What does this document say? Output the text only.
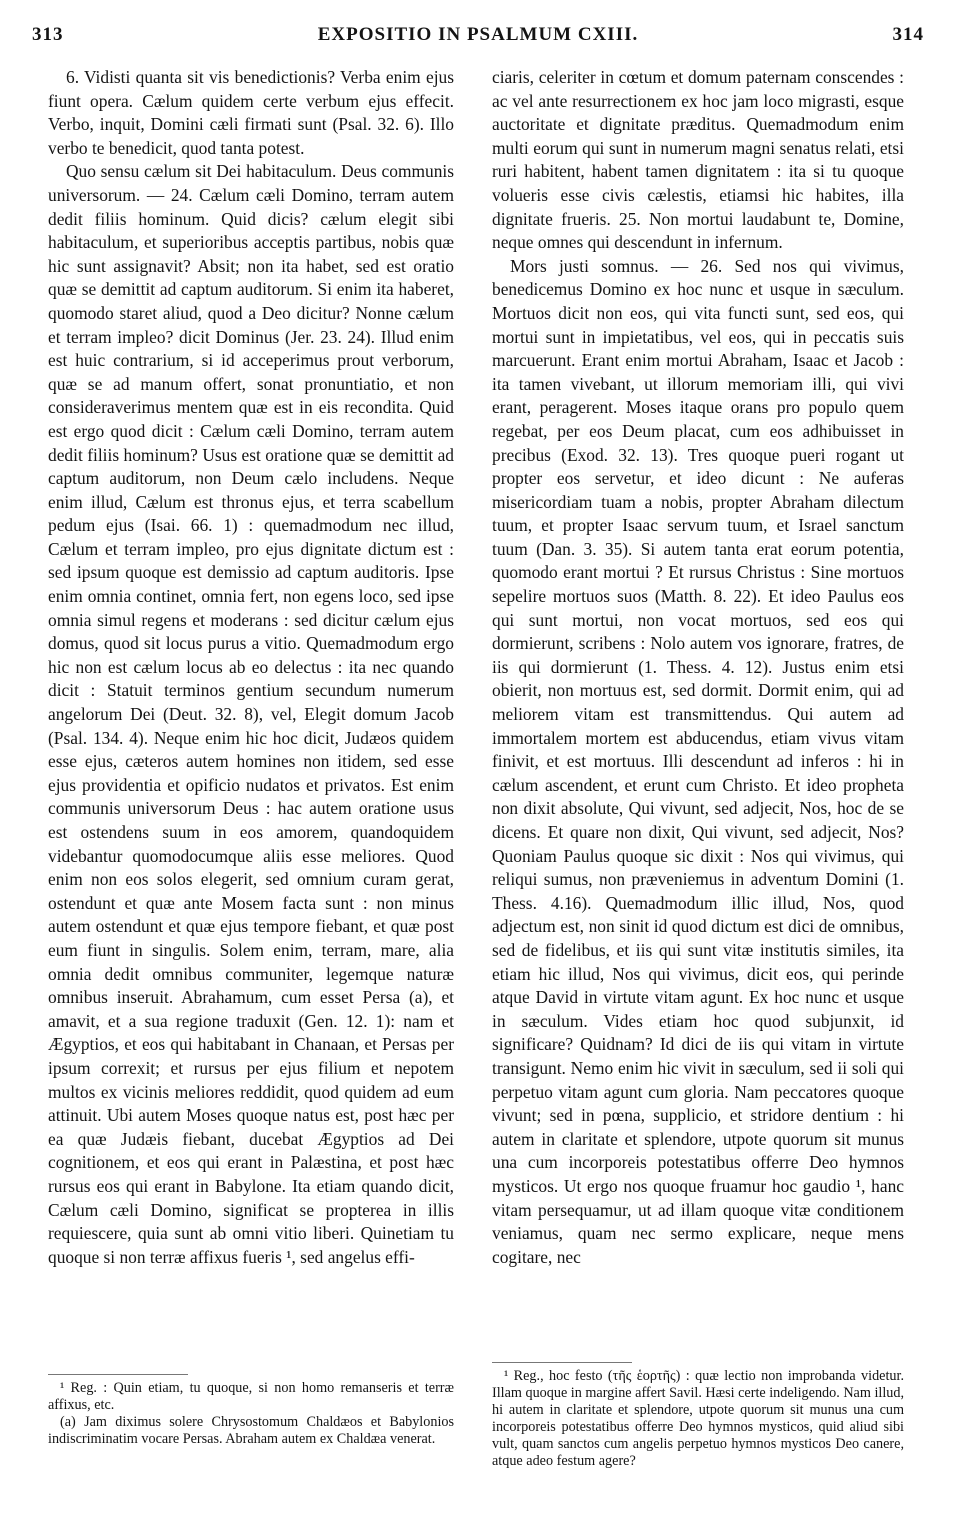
313	EXPOSITIO IN PSALMUM CXIII.	314

6. Vidisti quanta sit vis benedictionis? Verba enim ejus fiunt opera. Cælum quidem certe verbum ejus effecit. Verbo, inquit, Domini cæli firmati sunt (Psal. 32. 6). Illo verbo te benedicit, quod tanta potest.

Quo sensu cælum sit Dei habitaculum. Deus communis universorum. — 24. Cælum cæli Domino, terram autem dedit filiis hominum. Quid dicis? cælum elegit sibi habitaculum, et superioribus acceptis partibus, nobis quæ hic sunt assignavit? Absit; non ita habet, sed est oratio quæ se demittit ad captum auditorum. Si enim ita haberet, quomodo staret aliud, quod a Deo dicitur? Nonne cælum et terram impleo? dicit Dominus (Jer. 23. 24). Illud enim est huic contrarium, si id acceperimus prout verborum, quæ se ad manum offert, sonat pronuntiatio, et non consideraverimus mentem quæ est in eis recondita. Quid est ergo quod dicit : Cælum cæli Domino, terram autem dedit filiis hominum? Usus est oratione quæ se demittit ad captum auditorum, non Deum cælo includens. Neque enim illud, Cælum est thronus ejus, et terra scabellum pedum ejus (Isai. 66. 1) : quemadmodum nec illud, Cælum et terram impleo, pro ejus dignitate dictum est : sed ipsum quoque est demissio ad captum auditoris. Ipse enim omnia continet, omnia fert, non egens loco, sed ipse omnia simul regens et moderans : sed dicitur cælum ejus domus, quod sit locus purus a vitio. Quemadmodum ergo hic non est cælum locus ab eo delectus : ita nec quando dicit : Statuit terminos gentium secundum numerum angelorum Dei (Deut. 32. 8), vel, Elegit domum Jacob (Psal. 134. 4). Neque enim hic hoc dicit, Judæos quidem esse ejus, cæteros autem homines non itidem, sed esse ejus providentia et opificio nudatos et privatos. Est enim communis universorum Deus : hac autem oratione usus est ostendens suum in eos amorem, quandoquidem videbantur quomodocumque aliis esse meliores. Quod enim non eos solos elegerit, sed omnium curam gerat, ostendunt et quæ ante Mosem facta sunt : non minus autem ostendunt et quæ ejus tempore fiebant, et quæ post eum fiunt in singulis. Solem enim, terram, mare, alia omnia dedit omnibus communiter, legemque naturæ omnibus inseruit. Abrahamum, cum esset Persa (a), et amavit, et a sua regione traduxit (Gen. 12. 1): nam et Ægyptios, et eos qui habitabant in Chanaan, et Persas per ipsum correxit; et rursus per ejus filium et nepotem multos ex vicinis meliores reddidit, quod quidem ad eum attinuit. Ubi autem Moses quoque natus est, post hæc per ea quæ Judæis fiebant, ducebat Ægyptios ad Dei cognitionem, et eos qui erant in Palæstina, et post hæc rursus eos qui erant in Babylone. Ita etiam quando dicit, Cælum cæli Domino, significat se propterea in illis requiescere, quia sunt ab omni vitio liberi. Quinetiam tu quoque si non terræ affixus fueris ¹, sed angelus effi-

ciaris, celeriter in cœtum et domum paternam conscendes : ac vel ante resurrectionem ex hoc jam loco migrasti, esque auctoritate et dignitate præditus. Quemadmodum enim multi eorum qui sunt in numerum magni senatus relati, etsi ruri habitent, habent tamen dignitatem : ita si tu quoque volueris esse civis cælestis, etiamsi hic habites, illa dignitate frueris. 25. Non mortui laudabunt te, Domine, neque omnes qui descendunt in infernum.

Mors justi somnus. — 26. Sed nos qui vivimus, benedicemus Domino ex hoc nunc et usque in sæculum. Mortuos dicit non eos, qui vita functi sunt, sed eos, qui mortui sunt in impietatibus, vel eos, qui in peccatis suis marcuerunt. Erant enim mortui Abraham, Isaac et Jacob : ita tamen vivebant, ut illorum memoriam illi, qui vivi erant, peragerent. Moses itaque orans pro populo quem regebat, per eos Deum placat, cum eos adhibuisset in precibus (Exod. 32. 13). Tres quoque pueri rogant ut propter eos servetur, et ideo dicunt : Ne auferas misericordiam tuam a nobis, propter Abraham dilectum tuum, et propter Isaac servum tuum, et Israel sanctum tuum (Dan. 3. 35). Si autem tanta erat eorum potentia, quomodo erant mortui ? Et rursus Christus : Sine mortuos sepelire mortuos suos (Matth. 8. 22). Et ideo Paulus eos qui sunt mortui, non vocat mortuos, sed eos qui dormierunt, scribens : Nolo autem vos ignorare, fratres, de iis qui dormierunt (1. Thess. 4. 12). Justus enim etsi obierit, non mortuus est, sed dormit. Dormit enim, qui ad meliorem vitam est transmittendus. Qui autem ad immortalem mortem est abducendus, etiam vivus vitam finivit, et est mortuus. Illi descendunt ad inferos : hi in cælum ascendent, et erunt cum Christo. Et ideo propheta non dixit absolute, Qui vivunt, sed adjecit, Nos, hoc de se dicens. Et quare non dixit, Qui vivunt, sed adjecit, Nos? Quoniam Paulus quoque sic dixit : Nos qui vivimus, qui reliqui sumus, non præveniemus in adventum Domini (1. Thess. 4.16). Quemadmodum illic illud, Nos, quod adjectum est, non sinit id quod dictum est dici de omnibus, sed de fidelibus, et iis qui sunt vitæ institutis similes, ita etiam hic illud, Nos qui vivimus, dicit eos, qui perinde atque David in virtute vitam agunt. Ex hoc nunc et usque in sæculum. Vides etiam hoc quod subjunxit, id significare? Quidnam? Id dici de iis qui vitam in virtute transigunt. Nemo enim hic vivit in sæculum, sed ii soli qui perpetuo vitam agunt cum gloria. Nam peccatores quoque vivunt; sed in pœna, supplicio, et stridore dentium : hi autem in claritate et splendore, utpote quorum sit munus una cum incorporeis potestatibus offerre Deo hymnos mysticos. Ut ergo nos quoque fruamur hoc gaudio ¹, hanc vitam persequamur, ut ad illam quoque vitæ conditionem veniamus, quam nec sermo explicare, neque mens cogitare, nec

¹ Reg. : Quin etiam, tu quoque, si non homo remanseris et terræ affixus, etc.

(a) Jam diximus solere Chrysostomum Chaldæos et Babylonios indiscriminatim vocare Persas. Abraham autem ex Chaldæa venerat.

¹ Reg., hoc festo (τῆς ἑορτῆς) : quæ lectio non improbanda videtur. Illam quoque in margine affert Savil. Hæsi certe indeligendo. Nam illud, hi autem in claritate et splendore, utpote quorum sit munus una cum incorporeis potestatibus offerre Deo hymnos mysticos, quid aliud sibi vult, quam sanctos cum angelis perpetuo hymnos mysticos Deo canere, atque adeo festum agere?
